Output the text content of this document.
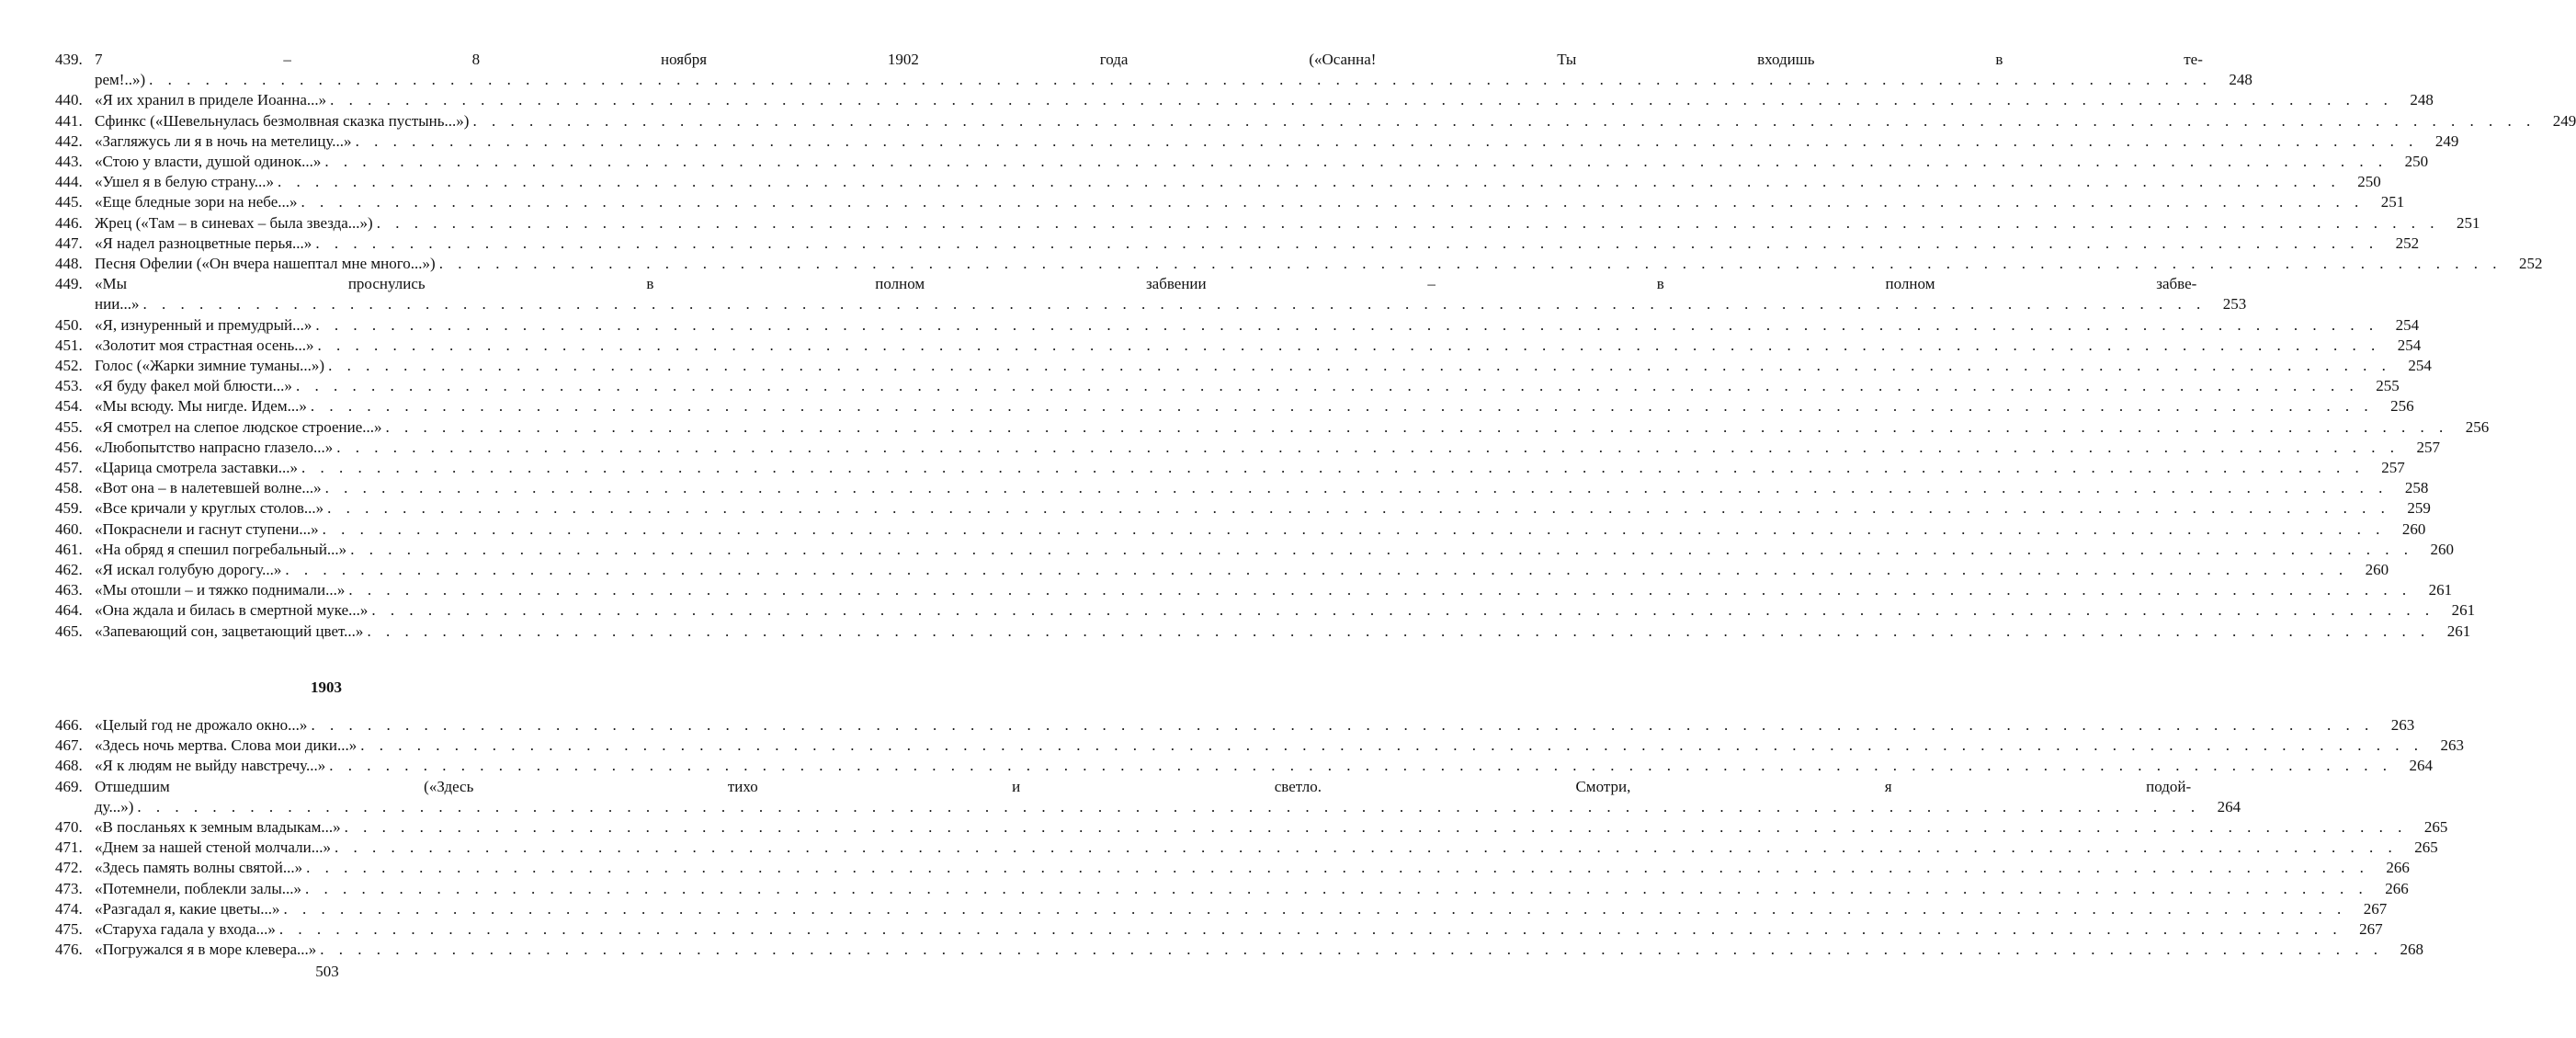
439. 7 – 8 ноября 1902 года («Осанна! Ты входишь в те-
рем!..») . . .	248
440. «Я их хранил в приделе Иоанна...» . . .	248
441. Сфинкс («Шевельнулась безмолвная сказка пустынь...») . . .	249
442. «Загляжусь ли я в ночь на метелицу...» . . .	249
443. «Стою у власти, душой одинок...» . . .	250
444. «Ушел я в белую страну...» . . .	250
445. «Еще бледные зори на небе...» . . .	251
446. Жрец («Там – в синевах – была звезда...») . . .	251
447. «Я надел разноцветные перья...» . . .	252
448. Песня Офелии («Он вчера нашептал мне много...») . . .	252
449. «Мы проснулись в полном забвении – в полном забве-
нии...» . . .	253
450. «Я, изнуренный и премудрый...» . . .	254
451. «Золотит моя страстная осень...» . . .	254
452. Голос («Жарки зимние туманы...») . . .	254
453. «Я буду факел мой блюсти...» . . .	255
454. «Мы всюду. Мы нигде. Идем...» . . .	256
455. «Я смотрел на слепое людское строение...» . . .	256
456. «Любопытство напрасно глазело...» . . .	257
457. «Царица смотрела заставки...» . . .	257
458. «Вот она – в налетевшей волне...» . . .	258
459. «Все кричали у круглых столов...» . . .	259
460. «Покраснели и гаснут ступени...» . . .	260
461. «На обряд я спешил погребальный...» . . .	260
462. «Я искал голубую дорогу...» . . .	260
463. «Мы отошли – и тяжко поднимали...» . . .	261
464. «Она ждала и билась в смертной муке...» . . .	261
465. «Запевающий сон, зацветающий цвет...» . . .	261
1903
466. «Целый год не дрожало окно...» . . .	263
467. «Здесь ночь мертва. Слова мои дики...» . . .	263
468. «Я к людям не выйду навстречу...» . . .	264
469. Отшедшим («Здесь тихо и светло. Смотри, я подой-
ду...») . . .	264
470. «В посланьях к земным владыкам...» . . .	265
471. «Днем за нашей стеной молчали...» . . .	265
472. «Здесь память волны святой...» . . .	266
473. «Потемнели, поблекли залы...» . . .	266
474. «Разгадал я, какие цветы...» . . .	267
475. «Старуха гадала у входа...» . . .	267
476. «Погружался я в море клевера...» . . .	268
503
